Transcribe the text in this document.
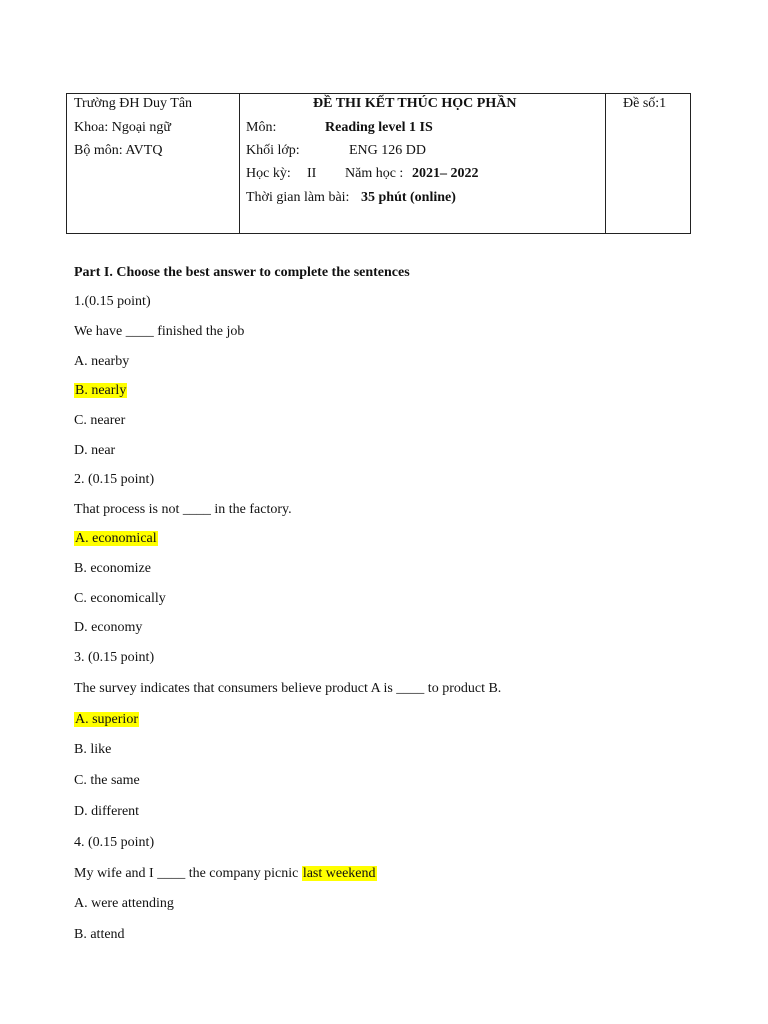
Trường ĐH Duy Tân
Khoa: Ngoại ngữ
Bộ môn: AVTQ

ĐỀ THI KẾT THÚC HỌC PHẦN
Môn:	Reading level 1 IS
Khối lớp:	ENG 126 DD
Học kỳ: II Năm học : 2021– 2022
Thời gian làm bài: 35 phút (online)

Đề số:1
Part I. Choose the best answer to complete the sentences
1.(0.15 point)
We have ____ finished the job
A. nearby
B. nearly
C. nearer
D. near
2. (0.15 point)
That process is not ____ in the factory.
A. economical
B. economize
C. economically
D. economy
3. (0.15 point)
The survey indicates that consumers believe product A is ____ to product B.
A. superior
B. like
C. the same
D. different
4. (0.15 point)
My wife and I ____ the company picnic last weekend
A. were attending
B. attend
